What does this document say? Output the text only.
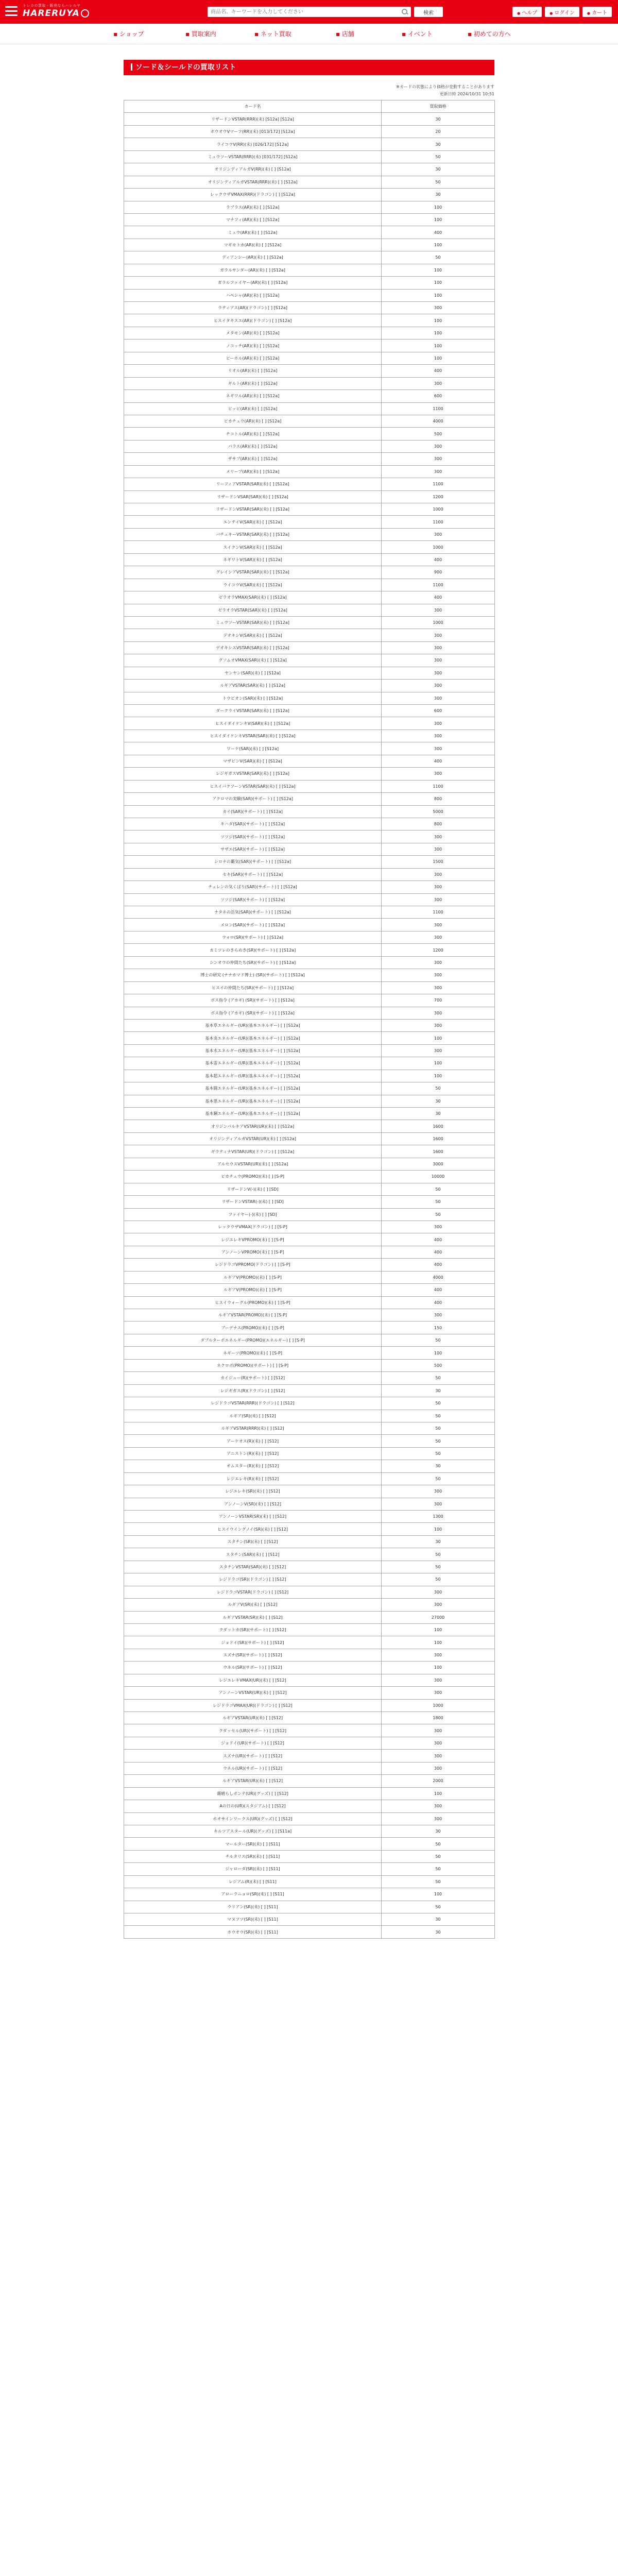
トレカの買取・販売ならハレルヤ
HARERUYA
商品名、キーワードを入力してください	検索	● ヘルプ	● ログイン	● カート
■ ショップ	■ 買取案内	■ ネット買取	■ 店舗	■ イベント	■ 初めての方へ
ソード＆シールドの買取リスト

※カードの状態により価格が変動することがあります

更新日時 2024/10/31 10:51

カード名	買取価格
リザードンVSTAR(RRR)(未) [S12a] [S12a]	30
ホウオウVマーフ(RR)(未) [013/172] [S12a]	20
ライコウV(RR)(未) [026/172] [S12a]	30
ミュウツーVSTAR(RRR)(未) [031/172] [S12a]	50
オリジンディアルガV(RR)(未) [ ] [S12a]	30
オリジンディアルガVSTAR(RRR)(未) [ ] [S12a]	50
レックウザVMAX(RRR)(ドラゴン) [ ] [S12a]	30
ラブラス(AR)(未) [ ] [S12a]	100
マナフィ(AR)(未) [ ] [S12a]	100
ミュウ(AR)(未) [ ] [S12a]	400
マギモトカ(AR)(未) [ ] [S12a]	100
ディアンシー(AR)(未) [ ] [S12a]	50
ガラルサンダー(AR)(未) [ ] [S12a]	100
ガラルファイヤー(AR)(未) [ ] [S12a]	100
ハペシャ(AR)(未) [ ] [S12a]	100
ラティアス(AR)(ドラゴン) [ ] [S12a]	300
ヒスイタキスエ(AR)(ドラゴン) [ ] [S12a]	100
メタモン(AR)(未) [ ] [S12a]	100
ノコッチ(AR)(未) [ ] [S12a]	100
ピーホル(AR)(未) [ ] [S12a]	100
リオル(AR)(未) [ ] [S12a]	400
ギルト(AR)(未) [ ] [S12a]	300
ネギワル(AR)(未) [ ] [S12a]	600
ピッピ(AR)(未) [ ] [S12a]	1100
ピカチュウ(AR)(未) [ ] [S12a]	4000
チコトル(AR)(未) [ ] [S12a]	500
パラス(AR)(未) [ ] [S12a]	300
ザサブ(AR)(未) [ ] [S12a]	300
メリープ(AR)(未) [ ] [S12a]	300
リーフィアVSTAR(SAR)(未) [ ] [S12a]	1100
リザードンVSAR(SAR)(未) [ ] [S12a]	1200
リザードンVSTAR(SAR)(未) [ ] [S12a]	1000
エンテイV(SAR)(未) [ ] [S12a]	1100
バチュキーVSTAR(SAR)(未) [ ] [S12a]	300
スイクンV(SAR)(未) [ ] [S12a]	1000
ネギワトV(SAR)(未) [ ] [S12a]	400
グレイシアVSTAR(SAR)(未) [ ] [S12a]	900
ライコウV(SAR)(未) [ ] [S12a]	1100
ゼラオラVMAX(SAR)(未) [ ] [S12a]	400
ゼラオラVSTAR(SAR)(未) [ ] [S12a]	300
ミュウツーVSTAR(SAR)(未) [ ] [S12a]	1000
デオキシV(SAR)(未) [ ] [S12a]	300
デオキシスVSTAR(SAR)(未) [ ] [S12a]	300
グソムオVMAX(SAR)(未) [ ] [S12a]	300
ヤンヤン(SAR)(未) [ ] [S12a]	300
ルギアVSTAR(SAR)(未) [ ] [S12a]	300
トウビオン(SAR)(未) [ ] [S12a]	300
ダークライVSTAR(SAR)(未) [ ] [S12a]	600
ヒスイダイケンキV(SAR)(未) [ ] [S12a]	300
ヒスイダイケンキVSTAR(SAR)(未) [ ] [S12a]	300
ワーケ(SAR)(未) [ ] [S12a]	300
マザビンV(SAR)(未) [ ] [S12a]	400
レジギガスVSTAR(SAR)(未) [ ] [S12a]	300
ヒスイバクフーンVSTAR(SAR)(未) [ ] [S12a]	1100
アクロマの実験(SAR)(サポート) [ ] [S12a]	800
カイ(SAR)(サポート) [ ] [S12a]	5000
キハダ(SAR)(サポート) [ ] [S12a]	800
ツツジ(SAR)(サポート) [ ] [S12a]	300
サザエ(SAR)(サポート) [ ] [S12a]	300
シロナの覇気(SAR)(サポート) [ ] [S12a]	1500
セキ(SAR)(サポート) [ ] [S12a]	300
チェレンの気くばり(SAR)(サポート) [ ] [S12a]	300
ツツジ(SAR)(サポート) [ ] [S12a]	300
ナタネの活気(SAR)(サポート) [ ] [S12a]	1100
メロン(SAR)(サポート) [ ] [S12a]	300
ウォロ(SR)(サポート) [ ] [S12a]	300
カミツレのきらめき(SR)(サポート) [ ] [S12a]	1200
シンオウの仲間たち(SR)(サポート) [ ] [S12a]	300
博士の研究 (ナナカマド博士) (SR)(サポート) [ ] [S12a]	300
ヒスイの仲間たち(SR)(サポート) [ ] [S12a]	300
ボス指令 (アカギ) (SR)(サポート) [ ] [S12a]	700
ボス指令 (アカギ) (SR)(サポート) [ ] [S12a]	300
基本草エネルギー(UR)(基本エネルギー) [ ] [S12a]	300
基本炎エネルギー(UR)(基本エネルギー) [ ] [S12a]	100
基本水エネルギー(UR)(基本エネルギー) [ ] [S12a]	300
基本雷エネルギー(UR)(基本エネルギー) [ ] [S12a]	100
基本超エネルギー(UR)(基本エネルギー) [ ] [S12a]	100
基本闘エネルギー(UR)(基本エネルギー) [ ] [S12a]	50
基本悪エネルギー(UR)(基本エネルギー) [ ] [S12a]	30
基本鋼エネルギー(UR)(基本エネルギー) [ ] [S12a]	30
オリジンパルキアVSTAR(UR)(未) [ ] [S12a]	1600
オリジンディアルガVSTAR(UR)(未) [ ] [S12a]	1600
ギラティナVSTAR(UR)(ドラゴン) [ ] [S12a]	1600
アルセウスVSTAR(UR)(未) [ ] [S12a]	3000
ピカチュウ(PROMO)(未) [ ] [S-P]	10000
リザードンV(-)(未) [ ] [SD]	50
リザードンVSTAR(-)(未) [ ] [SD]	50
ファイヤー(-)(未) [ ] [SD]	50
レックウザVMAX(ドラゴン) [ ] [S-P]	300
レジエレキVPROMO(未) [ ] [S-P]	400
アンノーンVPROMO(未) [ ] [S-P]	400
レジドラゴVPROMO(ドラゴン) [ ] [S-P]	400
ルギアV(PROMO)(未) [ ] [S-P]	4000
ルギアV(PROMO)(未) [ ] [S-P]	400
ヒスイウォーグル(PROMO)(未) [ ] [S-P]	400
ルギアVSTAR(PROMO)(未) [ ] [S-P]	300
ブーデナス(PROMO)(未) [ ] [S-P]	150
ダブルターボエネルギー(PROMO)(エネルギー) [ ] [S-P]	50
ネギーツ(PROMO)(未) [ ] [S-P]	100
ネクロボ(PROMO)(サポート) [ ] [S-P]	500
カイジュー(R)(サポート) [ ] [S12]	50
レジギガス(R)(ドラゴン) [ ] [S12]	30
レジドラゴVSTAR(RRR)(ドラゴン) [ ] [S12]	50
ルギア(SR)(未) [ ] [S12]	50
ルギアVSTAR(RRR)(未) [ ] [S12]	50
アーケオス(R)(未) [ ] [S12]	50
アニストン(R)(未) [ ] [S12]	50
オムスター(R)(未) [ ] [S12]	30
レジエレキ(R)(未) [ ] [S12]	50
レジエレキ(SR)(未) [ ] [S12]	300
アンノーンV(SR)(未) [ ] [S12]	300
アンノーンVSTAR(SR)(未) [ ] [S12]	1300
ヒスイウイングノイ(SR)(未) [ ] [S12]	100
スタチン(SR)(未) [ ] [S12]	30
スタチン(SAR)(未) [ ] [S12]	50
スタチンVSTAR(SAR)(未) [ ] [S12]	50
レジドラゴ(SR)(ドラゴン) [ ] [S12]	50
レジドラゴVSTAR(ドラゴン) [ ] [S12]	300
ルギアV(SR)(未) [ ] [S12]	300
ルギアVSTAR(SR)(未) [ ] [S12]	27000
クダットカ(SR)(サポート) [ ] [S12]	100
ジョドイ(SR)(サポート) [ ] [S12]	100
スズナ(SR)(サポート) [ ] [S12]	300
ウネル(SR)(サポート) [ ] [S12]	100
レジエレキVMAX(UR)(未) [ ] [S12]	300
アンノーンVSTAR(UR)(未) [ ] [S12]	300
レジドラゴVMAX(UR)(ドラゴン) [ ] [S12]	1000
ルギアVSTAR(UR)(未) [ ] [S12]	1800
クダッセル(UR)(サポート) [ ] [S12]	300
ジョドイ(UR)(サポート) [ ] [S12]	300
スズナ(UR)(サポート) [ ] [S12]	300
ウネル(UR)(サポート) [ ] [S12]	300
ルギアVSTAR(UR)(未) [ ] [S12]	2000
霧晴らしボンテ(UR)(グッズ) [ ] [S12]	100
Aの日の(UR)(スタジアム) [ ] [S12]	300
ホオサインワークス(UR)(グッズ) [ ] [S12]	300
キルツアスタール(UR)(グッズ) [ ] [S11a]	30
マールター(SR)(未) [ ] [S11]	50
チルタリス(SR)(未) [ ] [S11]	50
ジャローダ(SR)(未) [ ] [S11]	50
レジアム(R)(未) [ ] [S11]	50
アローラニョロ(SR)(未) [ ] [S11]	100
ラリアン(SR)(未) [ ] [S11]	50
マヌフツ(SR)(未) [ ] [S11]	30
ホウオウ(SR)(未) [ ] [S11]	30
